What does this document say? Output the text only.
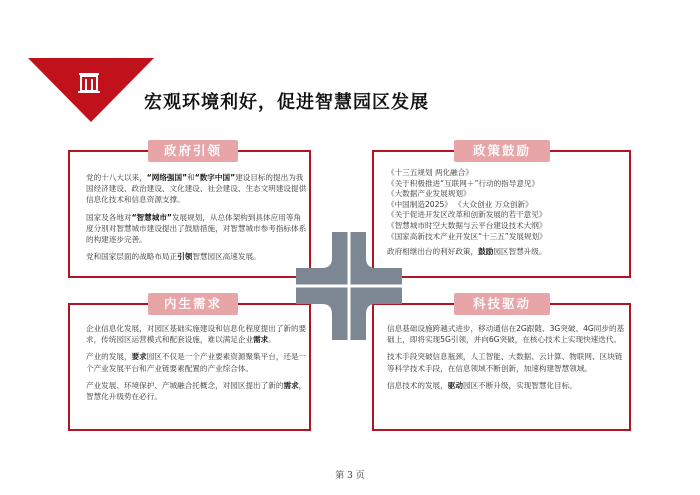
宏观环境利好，促进智慧园区发展
政府引领

党的十八大以来，“网络强国”和“数字中国”建设目标的提出为我国经济建设、政治建设、文化建设、社会建设、生态文明建设提供信息化技术和信息资源支撑。

国家及各地对“智慧城市”发展规划，从总体架构到具体应用等角度分别对智慧城市建设提出了鼓励措施，对智慧城市参考指标体系的构建逐步完善。

党和国家层面的战略布局正引领智慧园区高速发展。

政策鼓励
《十三五规划 两化融合》
《关于积极推进“互联网＋”行动的指导意见》
《大数据产业发展规划》
《中国制造2025》 《大众创业 万众创新》
《关于促进开发区改革和创新发展的若干意见》
《智慧城市时空大数据与云平台建设技术大纲》
《国家高新技术产业开发区“十三五”发展规划》
政府相继出台的利好政策，鼓励园区智慧升级。
内生需求

企业信息化发展，对园区基础实施建设和信息化程度提出了新的要求，传统园区运营模式和配套设施，难以满足企业需求。

产业的发展，要求园区不仅是一个产业要素资源聚集平台，还是一个产业发展平台和产业链要素配置的产业综合体。

产业发展、环境保护、产城融合托概念，对园区提出了新的需求，智慧化升级势在必行。

科技驱动

信息基础设施跨越式进步，移动通信在2G跟随、3G突破、4G同步的基础上，即将实现5G引领，并向6G突破，在核心技术上实现快速迭代。

技术手段突破信息瓶颈，人工智能、大数据、云计算、物联网、区块链等科学技术手段，在信息领域不断创新，加速构建智慧领域。

信息技术的发展，驱动园区不断升级，实现智慧化目标。

第 3 页
